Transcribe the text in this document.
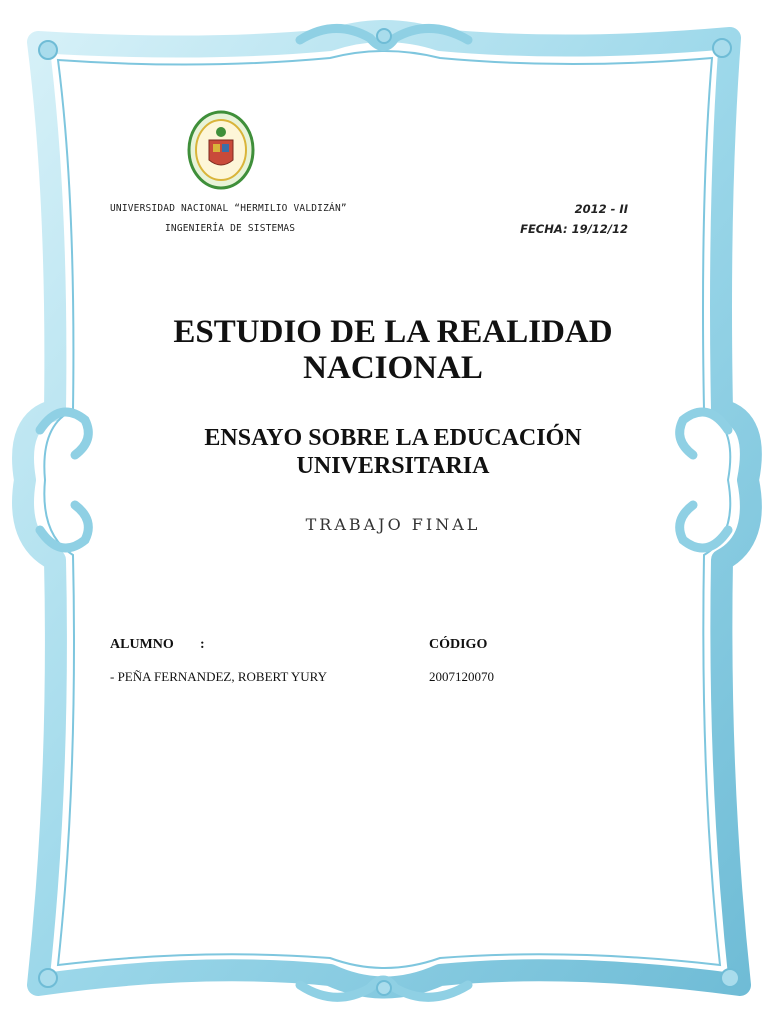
UNIVERSIDAD NACIONAL “HERMILIO VALDIZÁN”
INGENIERÍA DE SISTEMAS
2012 - II
FECHA: 19/12/12
ESTUDIO DE LA REALIDAD
NACIONAL
ENSAYO SOBRE LA EDUCACIÓN
UNIVERSITARIA
TRABAJO FINAL
ALUMNO :	CÓDIGO
- PEÑA FERNANDEZ, ROBERT YURY	2007120070
